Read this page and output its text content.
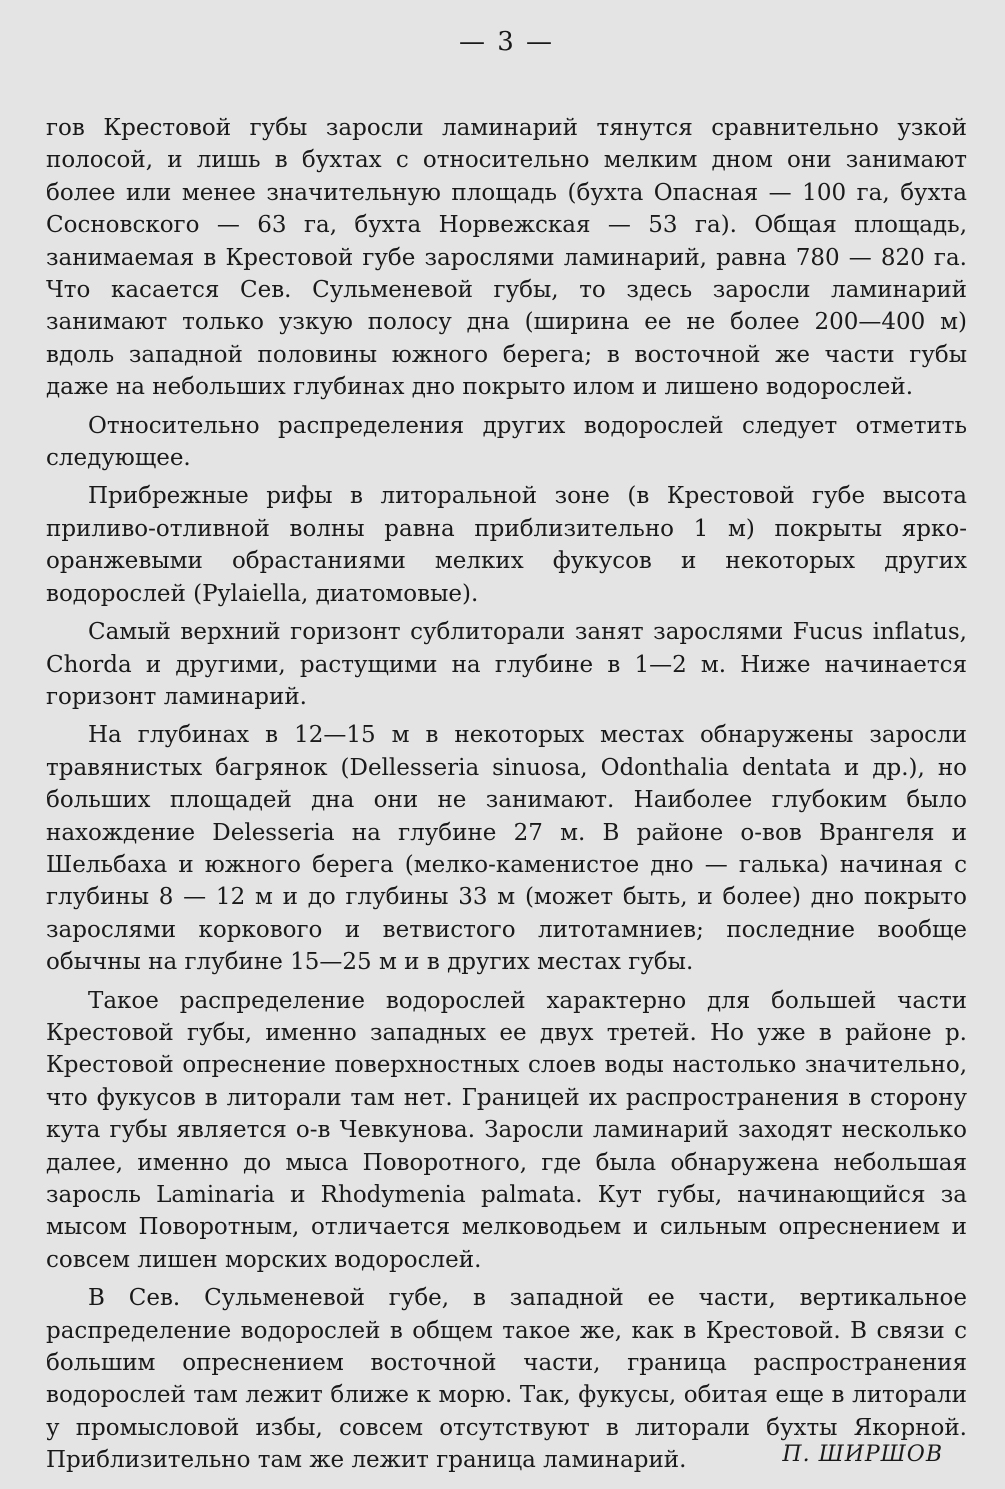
— 3 —

гов Крестовой губы заросли ламинарий тянутся сравнительно узкой полосой, и лишь в бухтах с относительно мелким дном они занимают более или менее значительную площадь (бухта Опасная — 100 га, бухта Сосновского — 63 га, бухта Норвежская — 53 га). Общая площадь, занимаемая в Крестовой губе зарослями ламинарий, равна 780 — 820 га. Что касается Сев. Сульменевой губы, то здесь заросли ламинарий занимают только узкую полосу дна (ширина ее не более 200—400 м) вдоль западной половины южного берега; в восточной же части губы даже на небольших глубинах дно покрыто илом и лишено водорослей.

Относительно распределения других водорослей следует отметить следующее.

Прибрежные рифы в литоральной зоне (в Крестовой губе высота приливо-отливной волны равна приблизительно 1 м) покрыты ярко-оранжевыми обрастаниями мелких фукусов и некоторых других водорослей (Pylaiella, диатомовые).

Самый верхний горизонт сублиторали занят зарослями Fucus inflatus, Chorda и другими, растущими на глубине в 1—2 м. Ниже начинается горизонт ламинарий.

На глубинах в 12—15 м в некоторых местах обнаружены заросли травянистых багрянок (Dellesseria sinuosa, Odonthalia dentata и др.), но больших площадей дна они не занимают. Наиболее глубоким было нахождение Delesseria на глубине 27 м. В районе о-вов Врангеля и Шельбаха и южного берега (мелко-каменистое дно — галька) начиная с глубины 8 — 12 м и до глубины 33 м (может быть, и более) дно покрыто зарослями коркового и ветвистого литотамниев; последние вообще обычны на глубине 15—25 м и в других местах губы.

Такое распределение водорослей характерно для большей части Крестовой губы, именно западных ее двух третей. Но уже в районе р. Крестовой опреснение поверхностных слоев воды настолько значительно, что фукусов в литорали там нет. Границей их распространения в сторону кута губы является о-в Чевкунова. Заросли ламинарий заходят несколько далее, именно до мыса Поворотного, где была обнаружена небольшая заросль Laminaria и Rhodymenia palmata. Кут губы, начинающийся за мысом Поворотным, отличается мелководьем и сильным опреснением и совсем лишен морских водорослей.

В Сев. Сульменевой губе, в западной ее части, вертикальное распределение водорослей в общем такое же, как в Крестовой. В связи с большим опреснением восточной части, граница распространения водорослей там лежит ближе к морю. Так, фукусы, обитая еще в литорали у промысловой избы, совсем отсутствуют в литорали бухты Якорной. Приблизительно там же лежит граница ламинарий.	П. ШИРШОВ
